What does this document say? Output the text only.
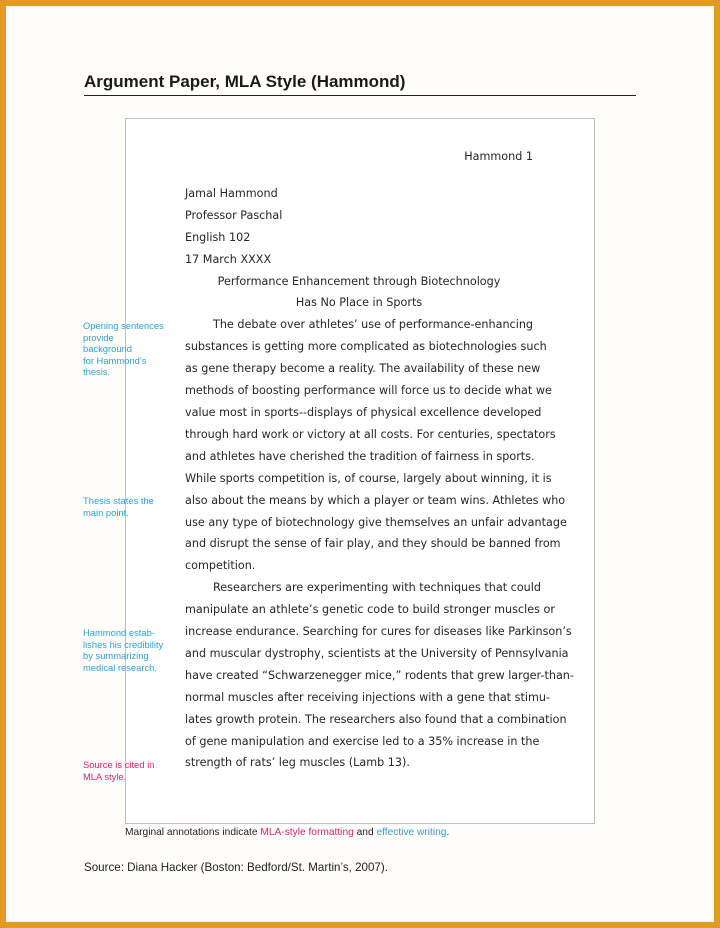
Argument Paper, MLA Style (Hammond)
Hammond 1
Jamal Hammond
Professor Paschal
English 102
17 March XXXX
Performance Enhancement through Biotechnology
Has No Place in Sports
The debate over athletes’ use of performance-enhancing
substances is getting more complicated as biotechnologies such
as gene therapy become a reality. The availability of these new
methods of boosting performance will force us to decide what we
value most in sports--displays of physical excellence developed
through hard work or victory at all costs. For centuries, spectators
and athletes have cherished the tradition of fairness in sports.
While sports competition is, of course, largely about winning, it is
also about the means by which a player or team wins. Athletes who
use any type of biotechnology give themselves an unfair advantage
and disrupt the sense of fair play, and they should be banned from
competition.
Researchers are experimenting with techniques that could
manipulate an athlete’s genetic code to build stronger muscles or
increase endurance. Searching for cures for diseases like Parkinson’s
and muscular dystrophy, scientists at the University of Pennsylvania
have created “Schwarzenegger mice,” rodents that grew larger-than-
normal muscles after receiving injections with a gene that stimu-
lates growth protein. The researchers also found that a combination
of gene manipulation and exercise led to a 35% increase in the
strength of rats’ leg muscles (Lamb 13).
Opening sentences
provide background
for Hammond’s
thesis.
Thesis states the
main point.
Hammond estab-
lishes his credibility
by summarizing
medical research.
Source is cited in
MLA style.
Marginal annotations indicate MLA-style formatting and effective writing.
Source: Diana Hacker (Boston: Bedford/St. Martin’s, 2007).
